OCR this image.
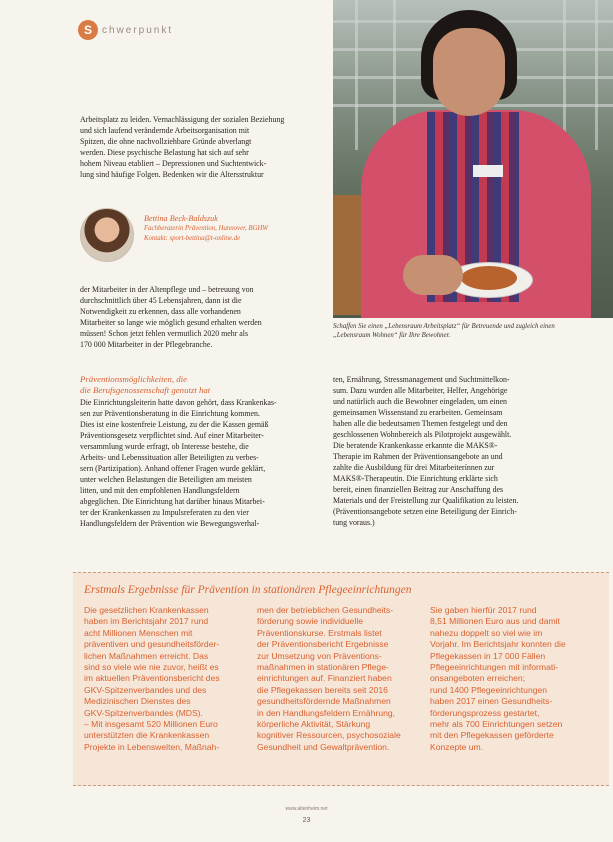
S	chwerpunkt
Schaffen Sie einen „Lebensraum Arbeitsplatz“ für Betreuende und zugleich einen „Lebensraum Wohnen“ für Ihre Bewohner.

Arbeitsplatz zu leiden. Vernachlässigung der sozialen Beziehung

und sich laufend verändernde Arbeitsorganisation mit

Spitzen, die ohne nachvollziehbare Gründe abverlangt

werden. Diese psychische Belastung hat sich auf sehr

hohem Niveau etabliert – Depressionen und Suchtentwick-

lung sind häufige Folgen. Bedenken wir die Altersstruktur

Bettina Beck-Baldszuk
Fachberaterin Prävention, Hannover, BGHW
Kontakt: sport-bettina@t-online.de

der Mitarbeiter in der Altenpflege und – betreuung von

durchschnittlich über 45 Lebensjahren, dann ist die

Notwendigkeit zu erkennen, dass alle vorhandenen

Mitarbeiter so lange wie möglich gesund erhalten werden

müssen! Schon jetzt fehlen vermutlich 2020 mehr als

170 000 Mitarbeiter in der Pflegebranche.

Präventionsmöglichkeiten, die

die Berufsgenossenschaft genutzt hat

Die Einrichtungsleiterin hatte davon gehört, dass Krankenkas-

sen zur Präventionsberatung in die Einrichtung kommen.

Dies ist eine kostenfreie Leistung, zu der die Kassen gemäß

Präventionsgesetz verpflichtet sind. Auf einer Mitarbeiter-

versammlung wurde erfragt, ob Interesse bestehe, die

Arbeits- und Lebenssituation aller Beteiligten zu verbes-

sern (Partizipation). Anhand offener Fragen wurde geklärt,

unter welchen Belastungen die Beteiligten am meisten

litten, und mit den empfohlenen Handlungsfeldern

abgeglichen. Die Einrichtung hat darüber hinaus Mitarbei-

ter der Krankenkassen zu Impulsreferaten zu den vier

Handlungsfeldern der Prävention wie Bewegungsverhal-

ten, Ernährung, Stressmanagement und Suchtmittelkon-

sum. Dazu wurden alle Mitarbeiter, Helfer, Angehörige

und natürlich auch die Bewohner eingeladen, um einen

gemeinsamen Wissenstand zu erarbeiten. Gemeinsam

haben alle die bedeutsamen Themen festgelegt und den

geschlossenen Wohnbereich als Pilotprojekt ausgewählt.

Die beratende Krankenkasse erkannte die MAKS®-

Therapie im Rahmen der Präventionsangebote an und

zahlte die Ausbildung für drei Mitarbeiterínnen zur

MAKS®-Therapeutin. Die Einrichtung erklärte sich

bereit, einen finanziellen Beitrag zur Anschaffung des

Materials und der Freistellung zur Qualifikation zu leisten.

(Präventionsangebote setzen eine Beteiligung der Einrich-

tung voraus.)

Erstmals Ergebnisse für Prävention in stationären Pflegeeinrichtungen

Die gesetzlichen Krankenkassen

haben im Berichtsjahr 2017 rund

acht Millionen Menschen mit

präventiven und gesundheitsförder-

lichen Maßnahmen erreicht. Das

sind so viele wie nie zuvor, heißt es

im aktuellen Präventionsbericht des

GKV-Spitzenverbandes und des

Medizinischen Dienstes des

GKV-Spitzenverbandes (MDS).

– Mit insgesamt 520 Millionen Euro

unterstützten die Krankenkassen

Projekte in Lebenswelten, Maßnah-

men der betrieblichen Gesundheits-

förderung sowie individuelle

Präventionskurse. Erstmals listet

der Präventionsbericht Ergebnisse

zur Umsetzung von Präventions-

maßnahmen in stationären Pflege-

einrichtungen auf. Finanziert haben

die Pflegekassen bereits seit 2016

gesundheitsfördernde Maßnahmen

in den Handlungsfeldern Ernährung,

körperliche Aktivität, Stärkung

kognitiver Ressourcen, psychosoziale

Gesundheit und Gewaltprävention.

Sie gaben hierfür 2017 rund

8,51 Millionen Euro aus und damit

nahezu doppelt so viel wie im

Vorjahr. Im Berichtsjahr konnten die

Pflegekassen in 17 000 Fällen

Pflegeeinrichtungen mit informati-

onsangeboten erreichen;

rund 1400 Pflegeeinrichtungen

haben 2017 einen Gesundheits-

förderungsprozess gestartet,

mehr als 700 Einrichtungen setzen

mit den Pflegekassen geförderte

Konzepte um.

www.altenheim.net
23
